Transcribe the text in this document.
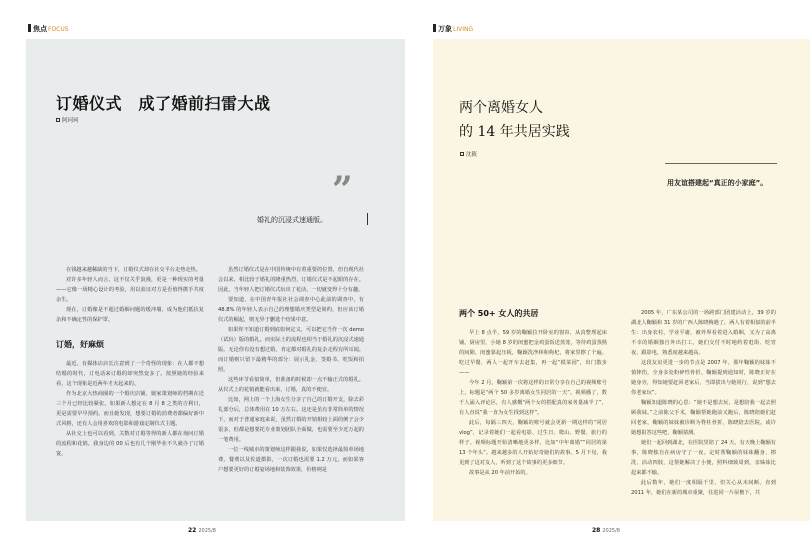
焦点FOCUS
订婚仪式　成了婚前扫雷大战
阿珂珂
”
婚礼的沉浸式速通版。

在钱越来越稀缺的当下，订婚仪式却在社交平台走势走热。

对许多年轻人而言，这不仅关乎浪漫，更是一种现实的考量——它像一场精心设计的考验，用以验证对方是否值得携手共度余生。

现在，订婚像是不超过婚姻问题的缓冲墙，成为他们抵抗复杂和不确定性的保护罩。

订婚，好麻烦

最近，有媒体店店长注意到了一个奇怪的现象：在人都不想结婚的时代，订电话来订婚的却突然变多了。按照她的经验来看，这个现象是近两年才火起来的。

作为北京大热商圈的一个婚庆店铺，她家策划师的档期在近三个月已经比较紧张。如果新人想定在 8 月 8 之类的吉利日，更是需要早早预约。而且她发现，想要订婚的消费者都偏好新中式风格，还有人会用喜欢的电影和游戏定制仪式主题。

从社交上也可以看到，关数对订婚等得的新人都在询问订婚的流程和花销。我身边的 00 后也有几个刚毕业不久就办了订婚宴。

虽然订婚仪式是在中国传统中有着重要的位置，但自现代社会以来，相比较于婚礼的隆重热烈，订婚仪式是不起眼的存在。因此，当年轻人把订婚仪式玩出了花活，一切就变得十分有趣。

要知道，在中国青年报社社会调查中心此前的调查中，有 48.8% 的年轻人表示自己的理想婚庆类型是简约，但应该订婚仪式的崛起，则无异于删选个结果中意。

如果你不知道订婚到底如何定义，可以把它当作一次 demo（试玩）版的婚礼。而实际上的流程也相当于婚礼的沉浸式速通版。无论你有没有想过婚，肯定都对婚礼的复杂走程有所耳闻。而订婚则只留下最精华的部分：展示礼金、签婚书、吃饭和拍照。

这些环节看似简单，但准备的时候却一点不输正式的婚礼。从仪式上的花销就能看出来，订婚，真的不便宜。

比如，网上的一个上海女生分享了自己的订婚开支，除去彩礼部分后，总体费用在 10 万左右。这还是虽有非常简单的情况下，而对于普通家庭来说，虽然订婚的开销相较上面的例子会少很多，但都是想要托专业策划团队全面做，也需要至少近万起的一笔费用。

一位一线城市的策划师这样跟我说，如果仅选择最简单场地费、餐费以及佐道摄影，一次订婚也需要 1.2 万元。而如果客户想要更好的订婚宴场地和装饰效果，价格则是

22 2025/8
万象LIVING
两个离婚女人
的 14 年共居实践
沈筱
用友谊搭建起“真正的小家庭”。
两个 50+ 女人的共居

早上 8 点半，59 岁的鞠颖拉开卧室的窗帘，从真整理起床铺。厨房里，小她 8 岁的闺蜜把金鸡蛋饭送蒸笼，等待鸡蛋蒸熟的间隙，闺蜜靠起压板，鞠颖洗净林和枸杞，将家里擦了个遍。吃过早餐，两人一起开车去赶集，再一起“摸菜园”，出门散步——

今年 2 月，鞠颖第一次将这样的日常分享在自己的视频账号上，标题是“两个 50 多岁离婚女生同居的一天”。视频播了，数千人涌入评论区，有人感慨“两个女的搭配真的家务量减半了”，有人直说“我一直为女生找到这样”。

此后，每隔三四天，鞠颖的账号就会更新一期这样的“同居 vlog”，记录着她们一起看电影、过生日、爬山、野餐、旅行的样子。视频标题开始清晰地更多样，比如“中年离婚”“同居的第 13 个年头”。越来越多的人开始好奇她们的故事。5 月下旬，我见到了这对友人，听到了这个故事的更多细节。

故事是从 20 年前开始的。

2005 年，广东某公司的一场跨部门团建活动上，39 岁的湖北人鞠颖和 31 岁的广西人陈晓梅遇了。两人有着相似的前半生：出身农村，学业平庸，被外界看着进入婚姻，又为了高离不幸的婚姻独自外出打工。她们交付不时地约着逛街、吃宵夜、跟影电，熟悉度越来越高。

这段友谊更进一步的节点是 2007 年。那年鞠颖的妹妹不慎摔伤，全身多处粉碎性骨折。鞠颖提到通知时，陈晓正好在她身旁，得知她要赶回老家后，当即拔出与她同行，说到“想去你老家玩”。

鞠颖知道陈晓的心思：“她不是想去玩，是想陪我一起去照顾我妹。”之前陈父手术，鞠颖帮她跑前又跑后，陈晓陪她们赶回老家，鞠颖的妹妹被诊断为脊柱骨折，陈晓陪去医院。或许她想报答这些吧，鞠颖猜测。

她们一起回到湖北，在医院里陪了 24 天。有天晚上鞠颖有事，陈晓独自在病房守了一夜。定时帮鞠颖的妹妹翻身、擦洗、活动四肢，这帮她解决了小便，照料细致周到，亲姊妹比起来都不输。

此后数年，她们一度相隔千里，但关心从未间断。直到 2011 年，她们在新的城市重聚，住进同一片屋檐下，共

28 2025/8
